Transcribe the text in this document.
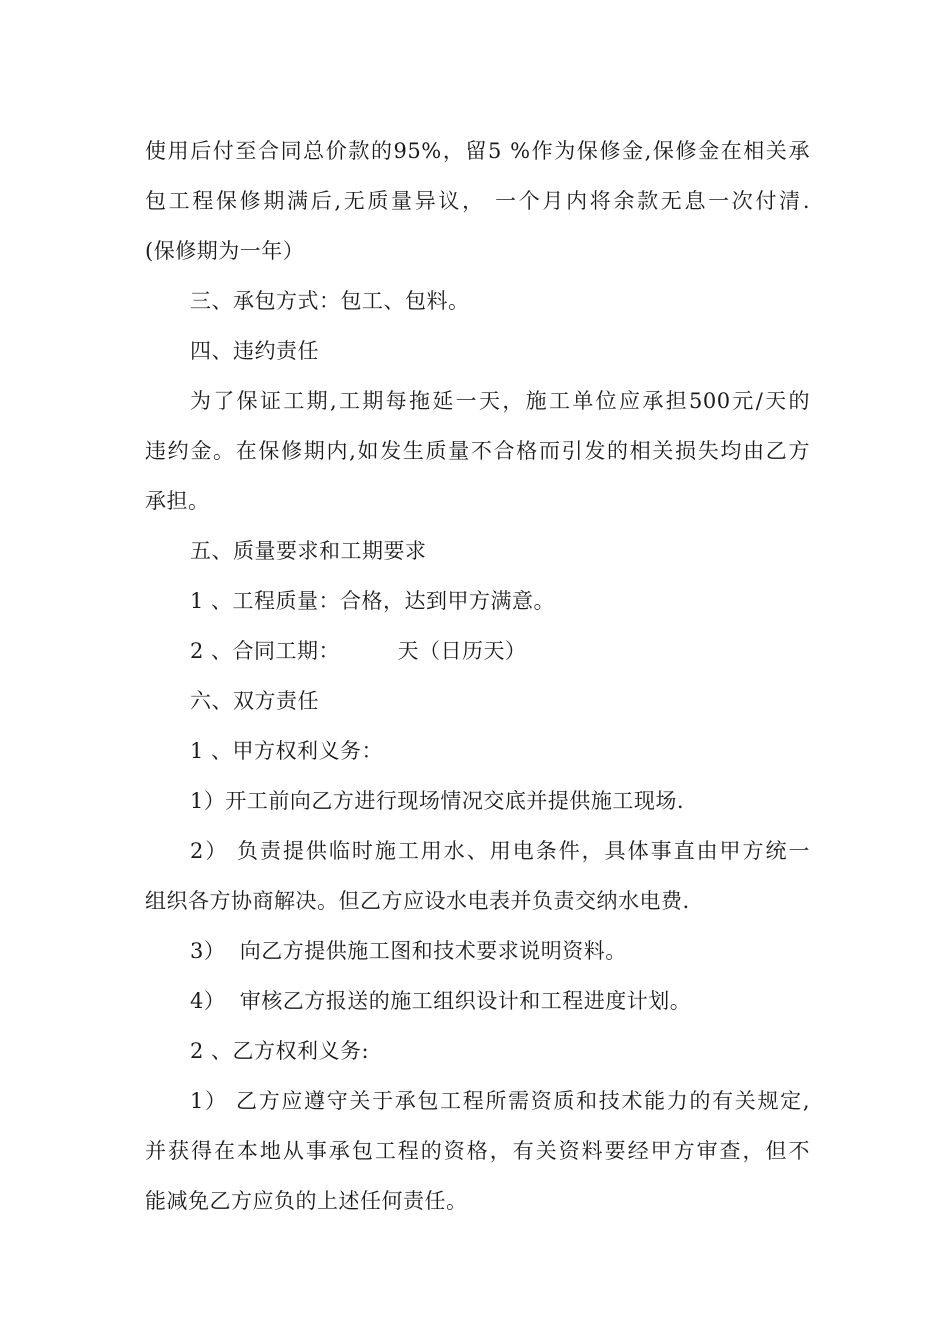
使用后付至合同总价款的95%，留5 %作为保修金,保修金在相关承
包工程保修期满后,无质量异议， 一个月内将余款无息一次付清.
(保修期为一年）
三、承包方式：包工、包料。
四、违约责任
为了保证工期,工期每拖延一天，施工单位应承担500元/天的
违约金。在保修期内,如发生质量不合格而引发的相关损失均由乙方
承担。
五、质量要求和工期要求
1 、工程质量：合格，达到甲方满意。
2 、合同工期：        天（日历天）
六、双方责任
1 、甲方权利义务：
1）开工前向乙方进行现场情况交底并提供施工现场.
2） 负责提供临时施工用水、用电条件，具体事直由甲方统一
组织各方协商解决。但乙方应设水电表并负责交纳水电费.
3）  向乙方提供施工图和技术要求说明资料。
4）  审核乙方报送的施工组织设计和工程进度计划。
2 、乙方权利义务:
1） 乙方应遵守关于承包工程所需资质和技术能力的有关规定,
并获得在本地从事承包工程的资格，有关资料要经甲方审查，但不
能减免乙方应负的上述任何责任。
